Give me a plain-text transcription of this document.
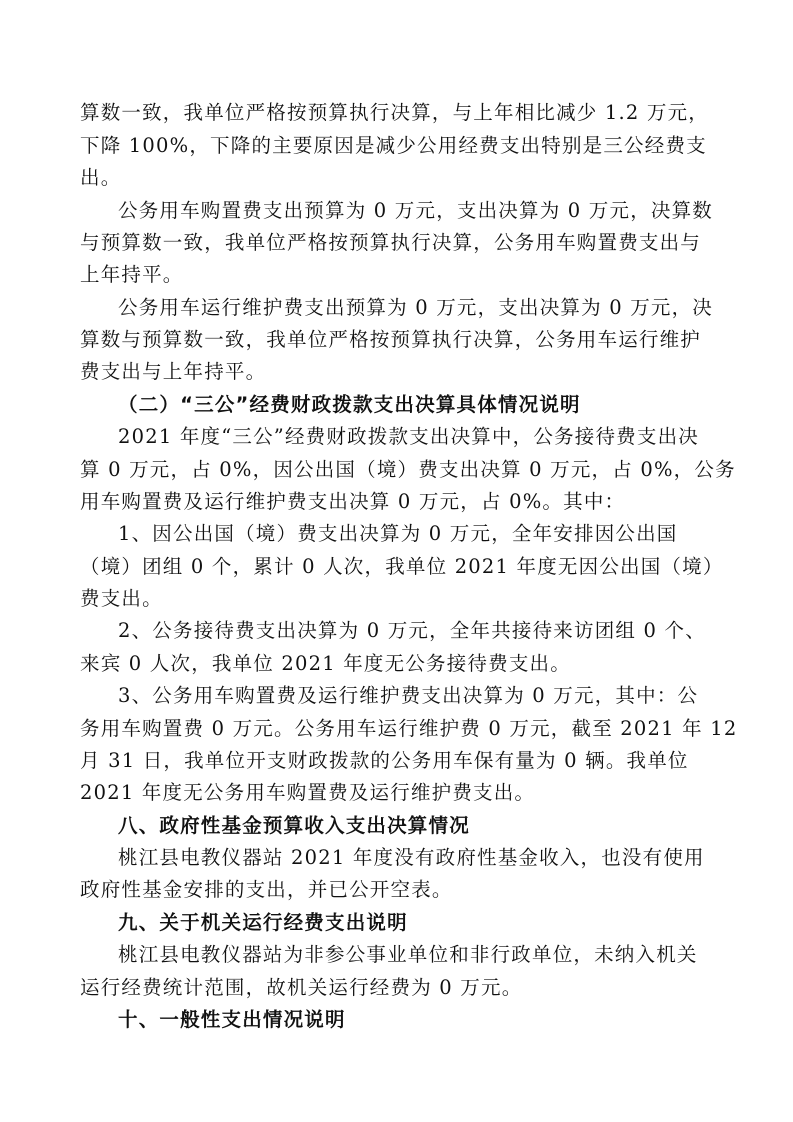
算数一致，我单位严格按预算执行决算，与上年相比减少 1.2 万元，
下降 100%，下降的主要原因是减少公用经费支出特别是三公经费支
出。
公务用车购置费支出预算为 0 万元，支出决算为 0 万元，决算数
与预算数一致，我单位严格按预算执行决算，公务用车购置费支出与
上年持平。
公务用车运行维护费支出预算为 0 万元，支出决算为 0 万元，决
算数与预算数一致，我单位严格按预算执行决算，公务用车运行维护
费支出与上年持平。
（二）“三公”经费财政拨款支出决算具体情况说明
2021 年度“三公”经费财政拨款支出决算中，公务接待费支出决
算 0 万元，占 0%，因公出国（境）费支出决算 0 万元，占 0%，公务
用车购置费及运行维护费支出决算 0 万元，占 0%。其中：
1、因公出国（境）费支出决算为 0 万元，全年安排因公出国
（境）团组 0 个，累计 0 人次，我单位 2021 年度无因公出国（境）
费支出。
2、公务接待费支出决算为 0 万元，全年共接待来访团组 0 个、
来宾 0 人次，我单位 2021 年度无公务接待费支出。
3、公务用车购置费及运行维护费支出决算为 0 万元，其中：公
务用车购置费 0 万元。公务用车运行维护费 0 万元，截至 2021 年 12
月 31 日，我单位开支财政拨款的公务用车保有量为 0 辆。我单位
2021 年度无公务用车购置费及运行维护费支出。
八、政府性基金预算收入支出决算情况
桃江县电教仪器站 2021 年度没有政府性基金收入，也没有使用
政府性基金安排的支出，并已公开空表。
九、关于机关运行经费支出说明
桃江县电教仪器站为非参公事业单位和非行政单位，未纳入机关
运行经费统计范围，故机关运行经费为 0 万元。
十、一般性支出情况说明
